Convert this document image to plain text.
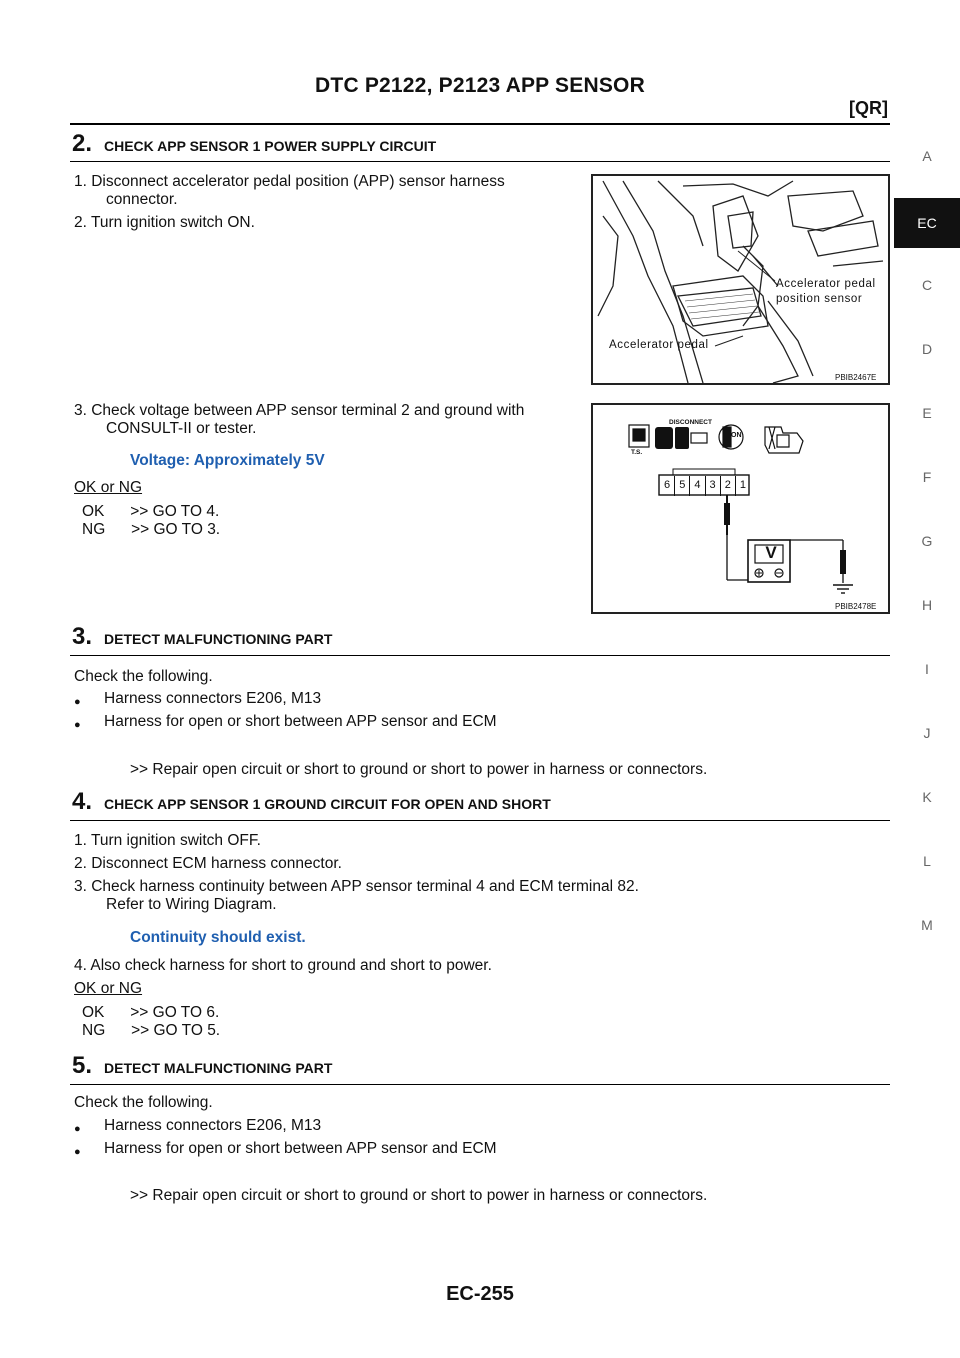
DTC P2122, P2123 APP SENSOR
[QR]
A
EC
C
D
E
F
G
H
I
J
K
L
M
2. CHECK APP SENSOR 1 POWER SUPPLY CIRCUIT
1. Disconnect accelerator pedal position (APP) sensor harness
connector.
2. Turn ignition switch ON.
Accelerator pedal
position sensor
Accelerator pedal
PBIB2467E
3. Check voltage between APP sensor terminal 2 and ground with
CONSULT-II or tester.
Voltage: Approximately 5V
OK or NG
OK      >> GO TO 4.
NG      >> GO TO 3.
DISCONNECT
T.S.
ON
6 5 4 3 2 1
V
PBIB2478E
3. DETECT MALFUNCTIONING PART
Check the following.
● Harness connectors E206, M13
● Harness for open or short between APP sensor and ECM
>> Repair open circuit or short to ground or short to power in harness or connectors.
4. CHECK APP SENSOR 1 GROUND CIRCUIT FOR OPEN AND SHORT
1. Turn ignition switch OFF.
2. Disconnect ECM harness connector.
3. Check harness continuity between APP sensor terminal 4 and ECM terminal 82.
Refer to Wiring Diagram.
Continuity should exist.
4. Also check harness for short to ground and short to power.
OK or NG
OK      >> GO TO 6.
NG      >> GO TO 5.
5. DETECT MALFUNCTIONING PART
Check the following.
● Harness connectors E206, M13
● Harness for open or short between APP sensor and ECM
>> Repair open circuit or short to ground or short to power in harness or connectors.
EC-255
